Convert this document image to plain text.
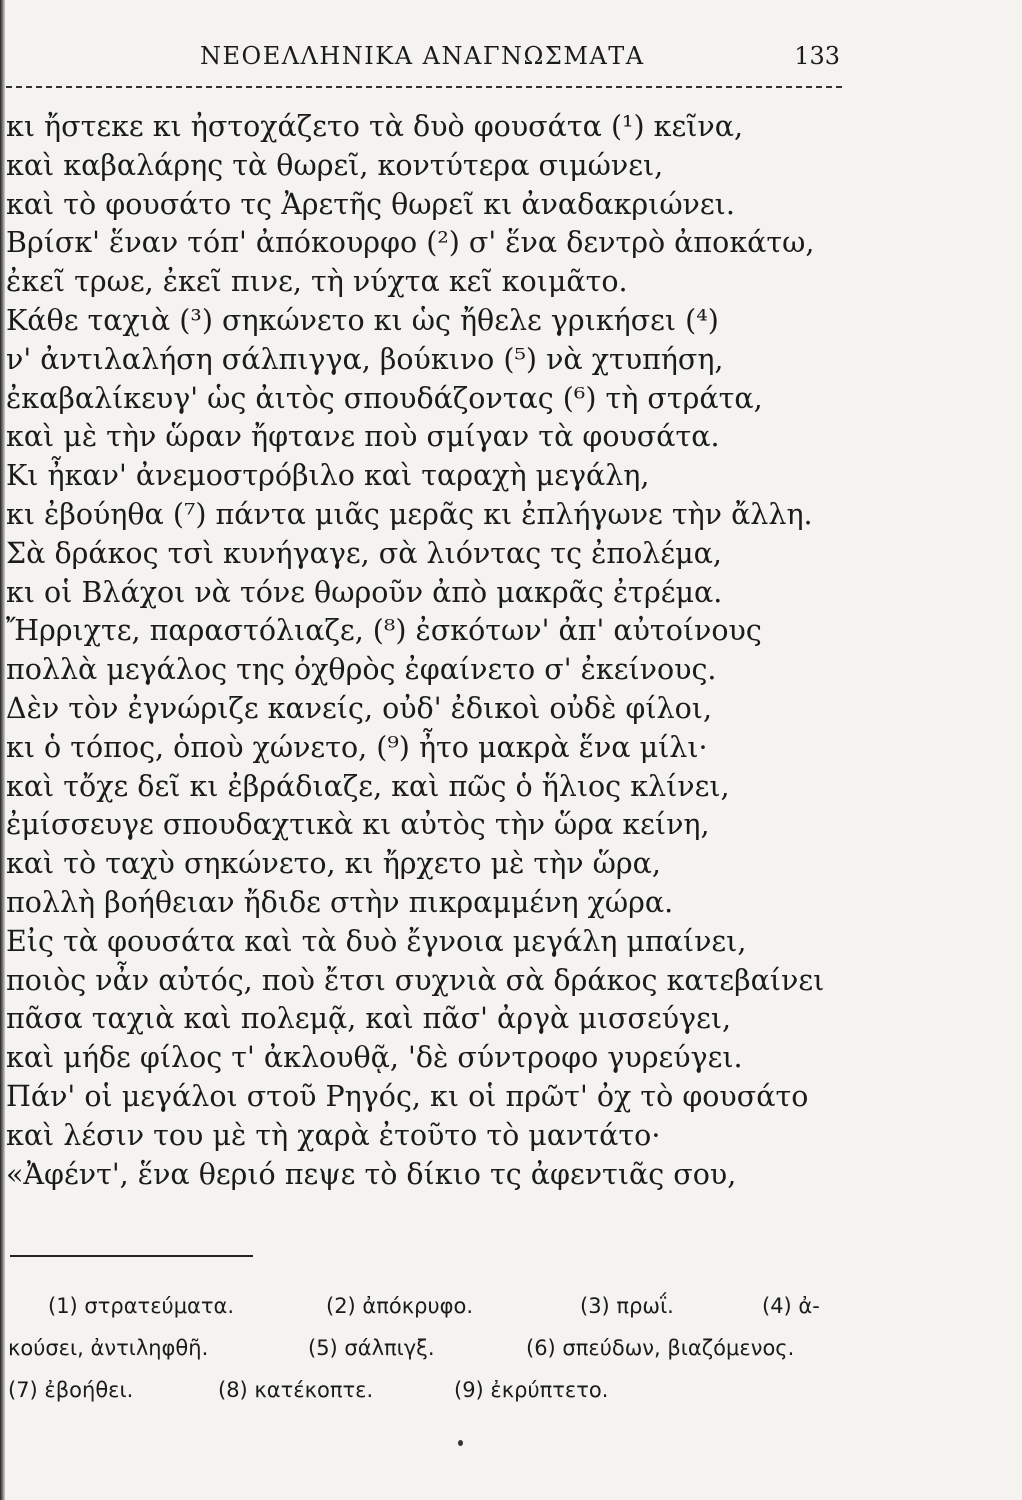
ΝΕΟΕΛΛΗΝΙΚΑ ΑΝΑΓΝΩΣΜΑΤΑ	133
κι ἤστεκε κι ἠστοχάζετο τὰ δυὸ φουσάτα (¹) κεῖνα,
καὶ καβαλάρης τὰ θωρεῖ, κοντύτερα σιμώνει,
καὶ τὸ φουσάτο τς Ἀρετῆς θωρεῖ κι ἀναδακριώνει.
Βρίσκ' ἕναν τόπ' ἀπόκουρφο (²) σ' ἕνα δεντρὸ ἀποκάτω,
ἐκεῖ τρωε, ἐκεῖ πινε, τὴ νύχτα κεῖ κοιμᾶτο.
Κάθε ταχιὰ (³) σηκώνετο κι ὡς ἤθελε γρικήσει (⁴)
ν' ἀντιλαλήση σάλπιγγα, βούκινο (⁵) νὰ χτυπήση,
ἐκαβαλίκευγ' ὡς ἀιτὸς σπουδάζοντας (⁶) τὴ στράτα,
καὶ μὲ τὴν ὥραν ἤφτανε ποὺ σμίγαν τὰ φουσάτα.
Κι ἦκαν' ἀνεμοστρόβιλο καὶ ταραχὴ μεγάλη,
κι ἐβούηθα (⁷) πάντα μιᾶς μερᾶς κι ἐπλήγωνε τὴν ἄλλη.
Σὰ δράκος τσὶ κυνήγαγε, σὰ λιόντας τς ἐπολέμα,
κι οἱ Βλάχοι νὰ τόνε θωροῦν ἀπὸ μακρᾶς ἐτρέμα.
Ἤρριχτε, παραστόλιαζε, (⁸) ἐσκότων' ἀπ' αὐτοίνους
πολλὰ μεγάλος της ὀχθρὸς ἐφαίνετο σ' ἐκείνους.
Δὲν τὸν ἐγνώριζε κανείς, οὐδ' ἐδικοὶ οὐδὲ φίλοι,
κι ὁ τόπος, ὁποὺ χώνετο, (⁹) ἦτο μακρὰ ἕνα μίλι·
καὶ τὄχε δεῖ κι ἐβράδιαζε, καὶ πῶς ὁ ἥλιος κλίνει,
ἐμίσσευγε σπουδαχτικὰ κι αὐτὸς τὴν ὥρα κείνη,
καὶ τὸ ταχὺ σηκώνετο, κι ἤρχετο μὲ τὴν ὥρα,
πολλὴ βοήθειαν ἤδιδε στὴν πικραμμένη χώρα.
Εἰς τὰ φουσάτα καὶ τὰ δυὸ ἔγνοια μεγάλη μπαίνει,
ποιὸς νἆν αὐτός, ποὺ ἔτσι συχνιὰ σὰ δράκος κατεβαίνει
πᾶσα ταχιὰ καὶ πολεμᾷ, καὶ πᾶσ' ἀργὰ μισσεύγει,
καὶ μήδε φίλος τ' ἀκλουθᾷ, 'δὲ σύντροφο γυρεύγει.
Πάν' οἱ μεγάλοι στοῦ Ρηγός, κι οἱ πρῶτ' ὀχ τὸ φουσάτο
καὶ λέσιν του μὲ τὴ χαρὰ ἐτοῦτο τὸ μαντάτο·
«Ἀφέντ', ἕνα θεριό πεψε τὸ δίκιο τς ἀφεντιᾶς σου,
(1) στρατεύματα.	(2) ἀπόκρυφο.	(3) πρωΐ.	(4) ἀ-
κούσει, ἀντιληφθῆ.	(5) σάλπιγξ.	(6) σπεύδων, βιαζόμενος.
(7) ἐβοήθει.	(8) κατέκοπτε.	(9) ἐκρύπτετο.
